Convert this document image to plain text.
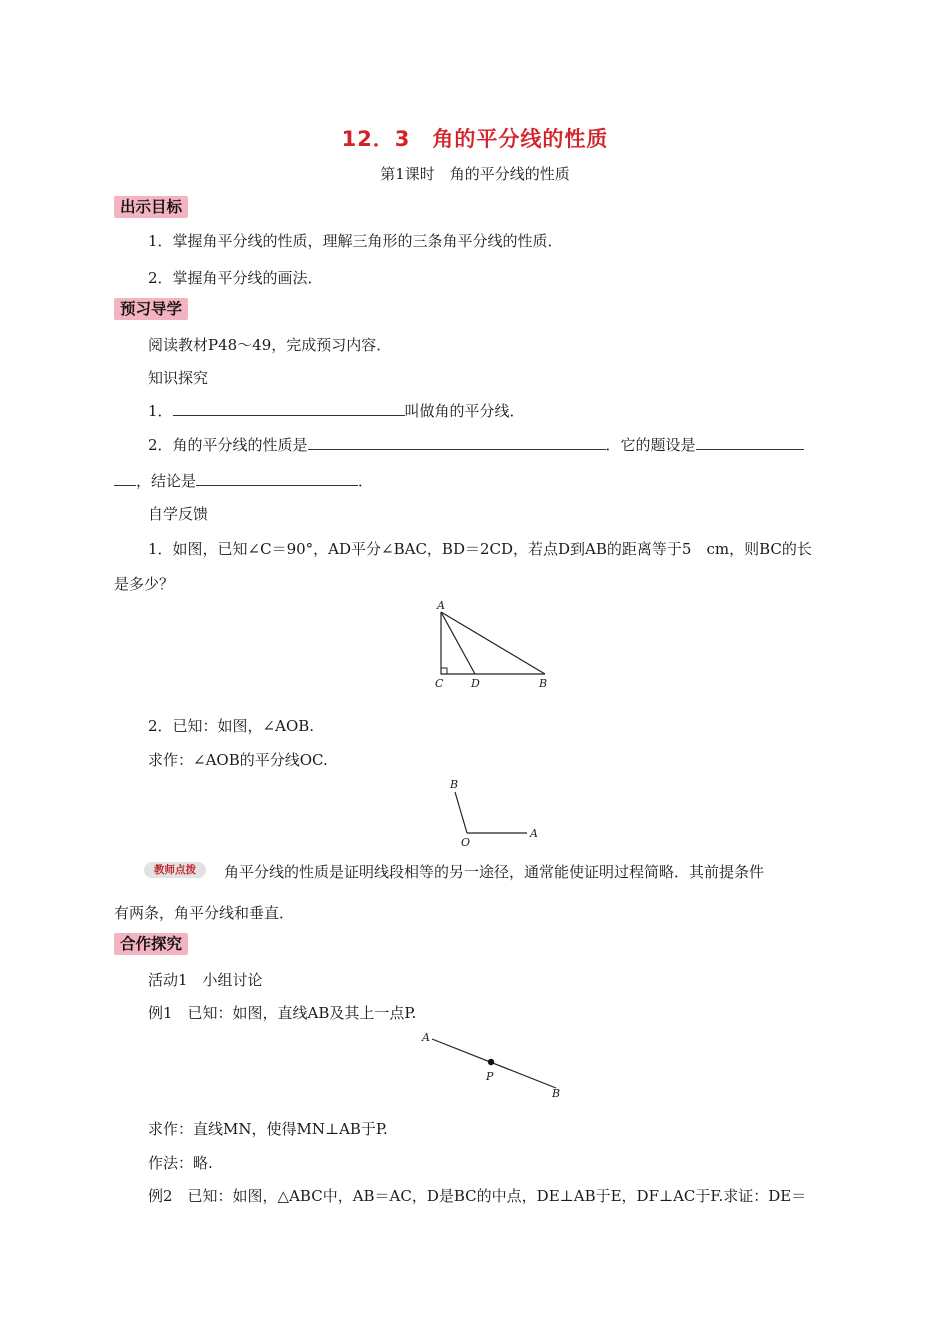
12．3　角的平分线的性质
第1课时　角的平分线的性质
出示目标
1．掌握角平分线的性质，理解三角形的三条角平分线的性质．
2．掌握角平分线的画法．
预习导学
阅读教材P48～49，完成预习内容．
知识探究
1．	叫做角的平分线．
2．角的平分线的性质是	．它的题设是
，结论是	．
自学反馈
1．如图，已知∠C＝90°，AD平分∠BAC，BD＝2CD，若点D到AB的距离等于5　cm，则BC的长
是多少？
A
C	D	B
2．已知：如图，∠AOB.
求作：∠AOB的平分线OC.
B
O
A
教师点拨	角平分线的性质是证明线段相等的另一途径，通常能使证明过程简略．其前提条件
有两条，角平分线和垂直．
合作探究
活动1　小组讨论
例1　已知：如图，直线AB及其上一点P.
A
P
B
求作：直线MN，使得MN⊥AB于P.
作法：略.
例2　已知：如图，△ABC中，AB＝AC，D是BC的中点，DE⊥AB于E，DF⊥AC于F.求证：DE＝
